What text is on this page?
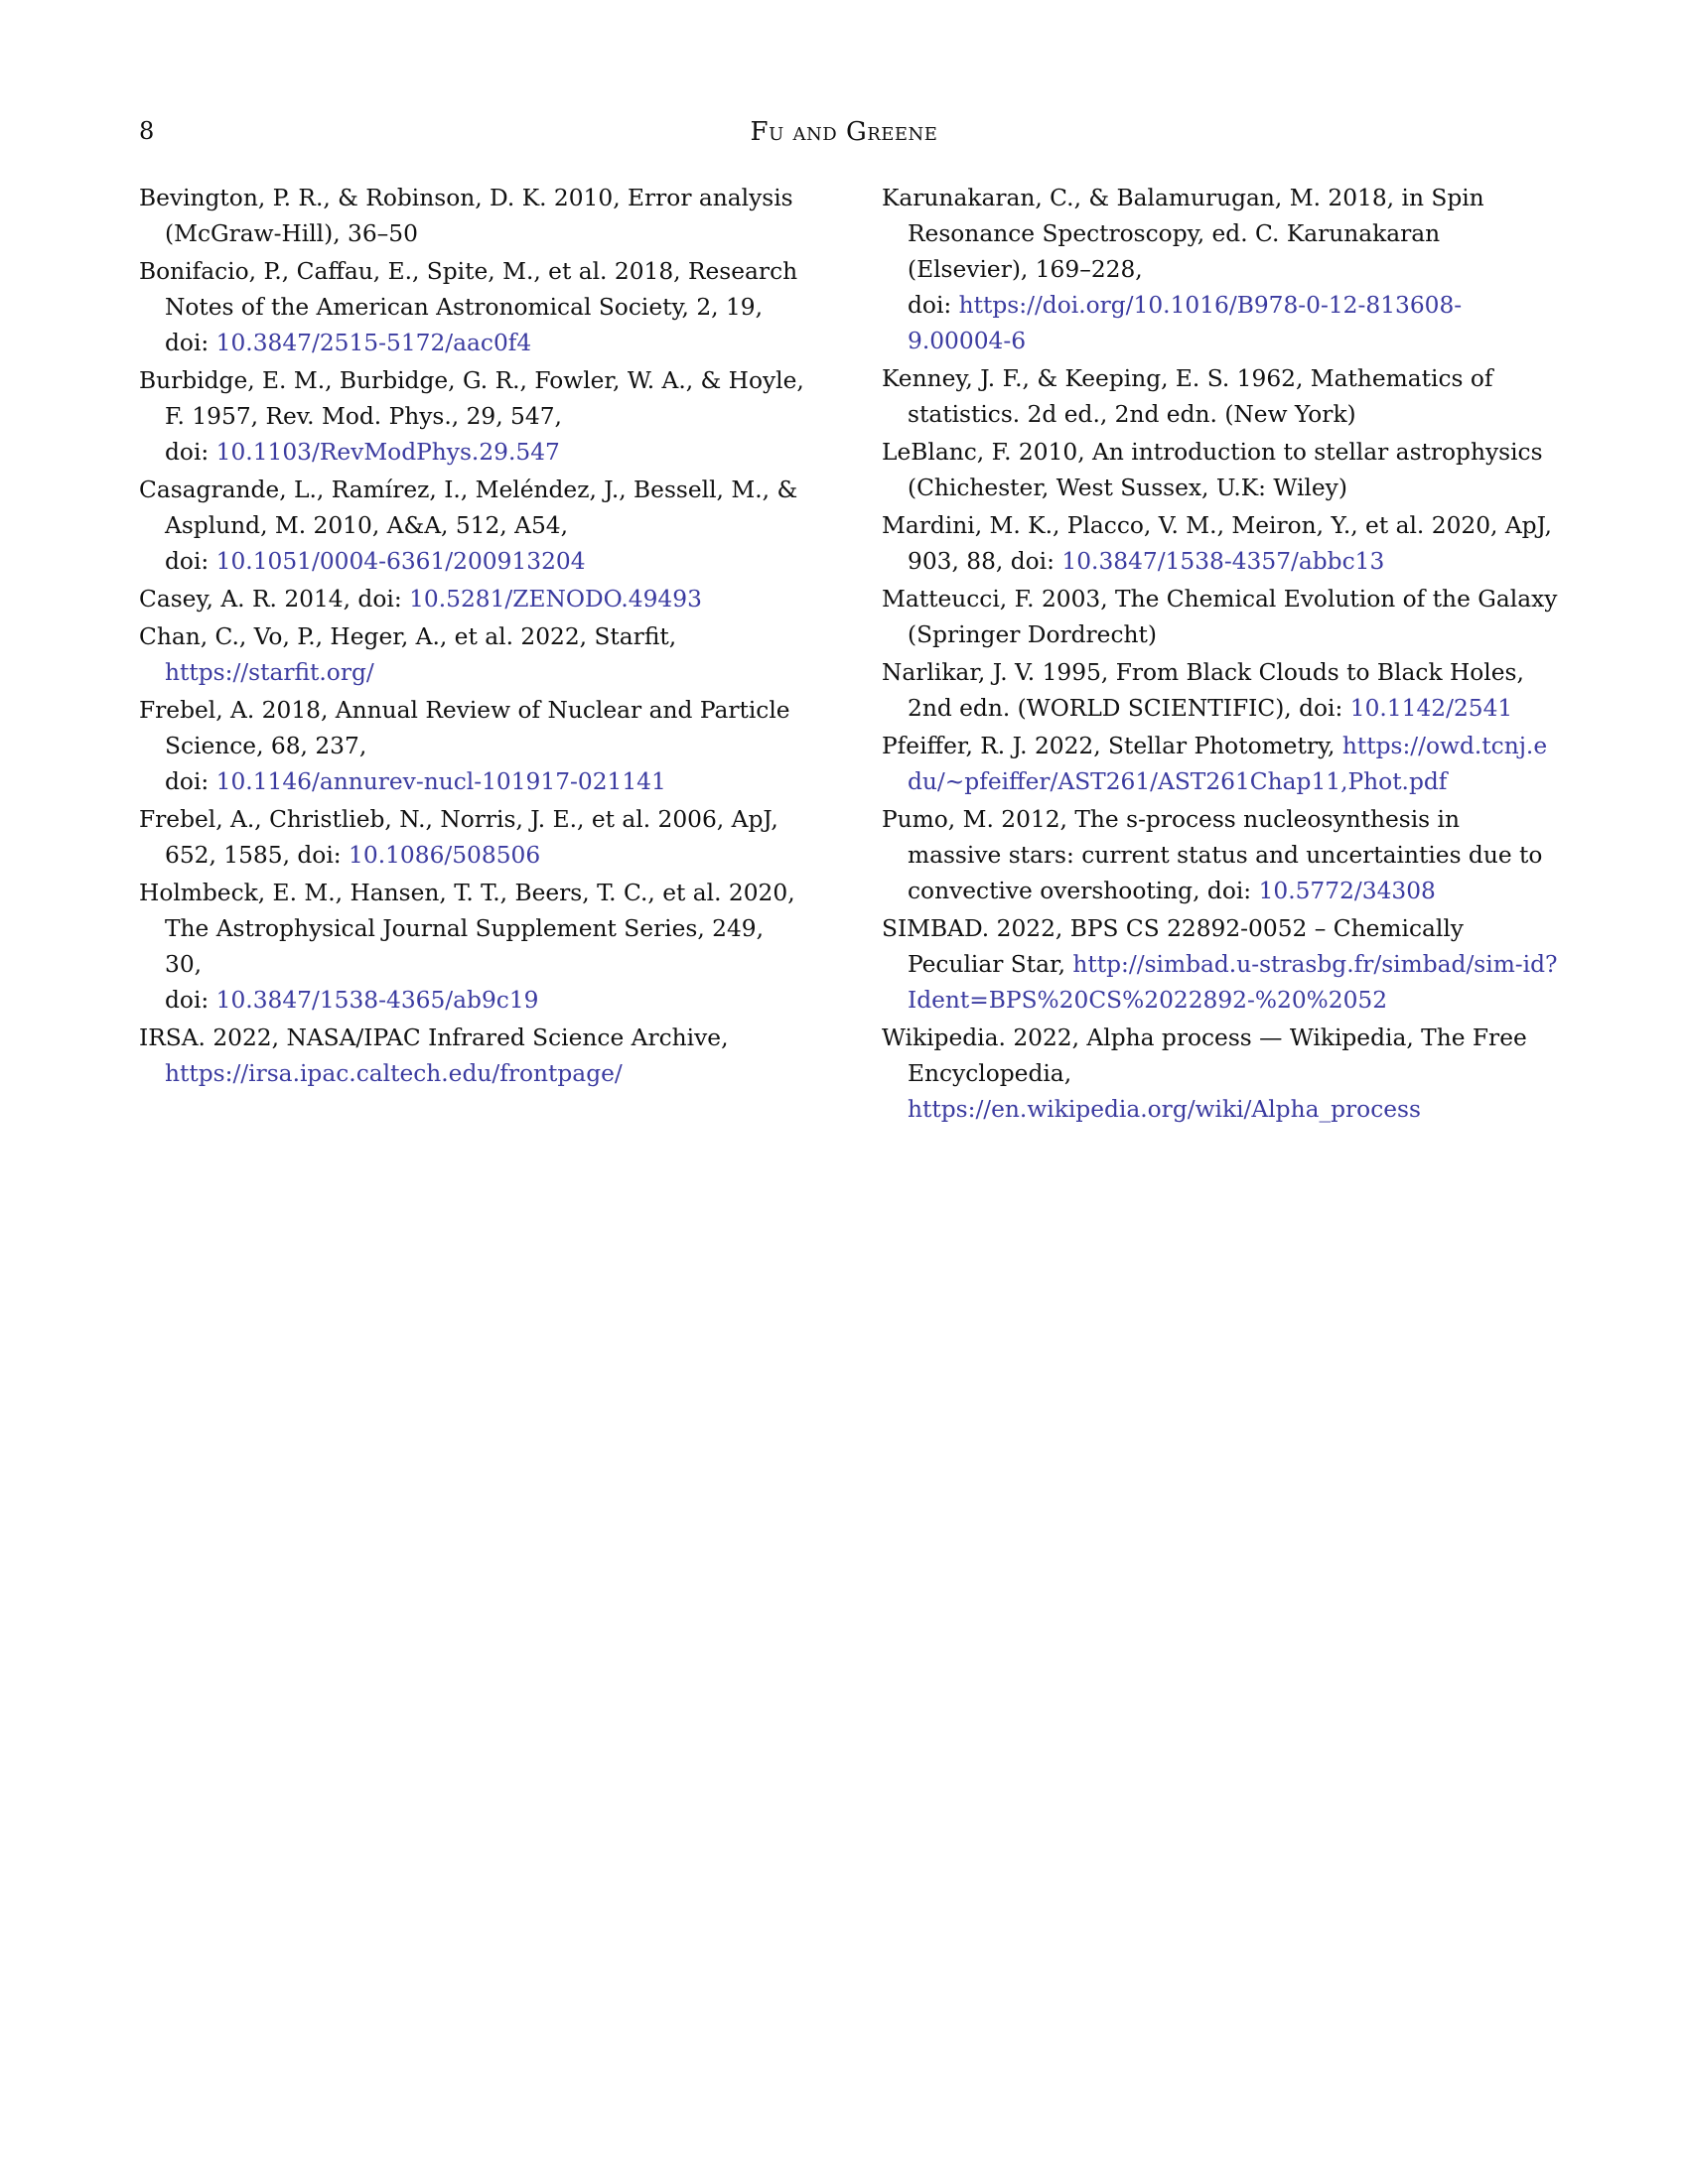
8	Fu and Greene
Bevington, P. R., & Robinson, D. K. 2010, Error analysis (McGraw-Hill), 36–50
Bonifacio, P., Caffau, E., Spite, M., et al. 2018, Research Notes of the American Astronomical Society, 2, 19,
doi: 10.3847/2515-5172/aac0f4
Burbidge, E. M., Burbidge, G. R., Fowler, W. A., & Hoyle, F. 1957, Rev. Mod. Phys., 29, 547,
doi: 10.1103/RevModPhys.29.547
Casagrande, L., Ramírez, I., Meléndez, J., Bessell, M., & Asplund, M. 2010, A&A, 512, A54,
doi: 10.1051/0004-6361/200913204
Casey, A. R. 2014, doi: 10.5281/ZENODO.49493
Chan, C., Vo, P., Heger, A., et al. 2022, Starfit,
https://starfit.org/
Frebel, A. 2018, Annual Review of Nuclear and Particle Science, 68, 237,
doi: 10.1146/annurev-nucl-101917-021141
Frebel, A., Christlieb, N., Norris, J. E., et al. 2006, ApJ, 652, 1585, doi: 10.1086/508506
Holmbeck, E. M., Hansen, T. T., Beers, T. C., et al. 2020, The Astrophysical Journal Supplement Series, 249, 30,
doi: 10.3847/1538-4365/ab9c19
IRSA. 2022, NASA/IPAC Infrared Science Archive,
https://irsa.ipac.caltech.edu/frontpage/
Karunakaran, C., & Balamurugan, M. 2018, in Spin Resonance Spectroscopy, ed. C. Karunakaran (Elsevier), 169–228,
doi: https://doi.org/10.1016/B978-0-12-813608-9.00004-6
Kenney, J. F., & Keeping, E. S. 1962, Mathematics of statistics. 2d ed., 2nd edn. (New York)
LeBlanc, F. 2010, An introduction to stellar astrophysics (Chichester, West Sussex, U.K: Wiley)
Mardini, M. K., Placco, V. M., Meiron, Y., et al. 2020, ApJ, 903, 88, doi: 10.3847/1538-4357/abbc13
Matteucci, F. 2003, The Chemical Evolution of the Galaxy (Springer Dordrecht)
Narlikar, J. V. 1995, From Black Clouds to Black Holes, 2nd edn. (WORLD SCIENTIFIC), doi: 10.1142/2541
Pfeiffer, R. J. 2022, Stellar Photometry, https://owd.tcnj.edu/~pfeiffer/AST261/AST261Chap11,Phot.pdf
Pumo, M. 2012, The s-process nucleosynthesis in massive stars: current status and uncertainties due to convective overshooting, doi: 10.5772/34308
SIMBAD. 2022, BPS CS 22892-0052 – Chemically Peculiar Star, http://simbad.u-strasbg.fr/simbad/sim-id?Ident=BPS%20CS%2022892-%20%2052
Wikipedia. 2022, Alpha process — Wikipedia, The Free Encyclopedia,
https://en.wikipedia.org/wiki/Alpha_process
